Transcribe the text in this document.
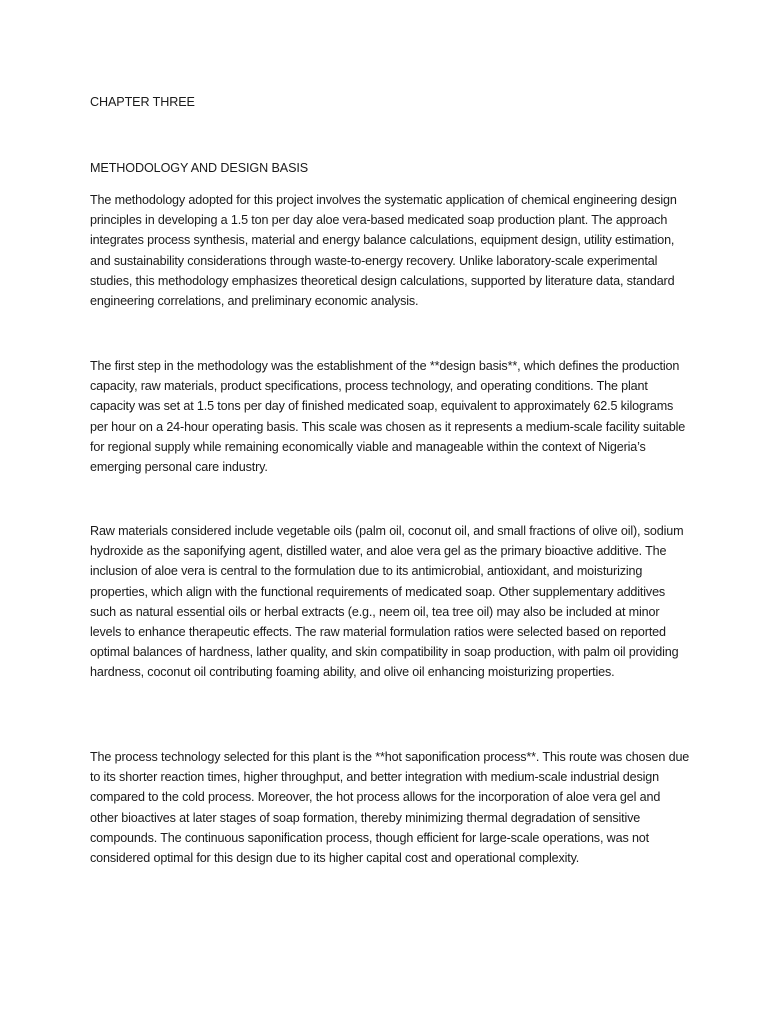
CHAPTER THREE
METHODOLOGY AND DESIGN BASIS

The methodology adopted for this project involves the systematic application of chemical engineering design principles in developing a 1.5 ton per day aloe vera-based medicated soap production plant. The approach integrates process synthesis, material and energy balance calculations, equipment design, utility estimation, and sustainability considerations through waste-to-energy recovery. Unlike laboratory-scale experimental studies, this methodology emphasizes theoretical design calculations, supported by literature data, standard engineering correlations, and preliminary economic analysis.

The first step in the methodology was the establishment of the **design basis**, which defines the production capacity, raw materials, product specifications, process technology, and operating conditions. The plant capacity was set at 1.5 tons per day of finished medicated soap, equivalent to approximately 62.5 kilograms per hour on a 24-hour operating basis. This scale was chosen as it represents a medium-scale facility suitable for regional supply while remaining economically viable and manageable within the context of Nigeria’s emerging personal care industry.

Raw materials considered include vegetable oils (palm oil, coconut oil, and small fractions of olive oil), sodium hydroxide as the saponifying agent, distilled water, and aloe vera gel as the primary bioactive additive. The inclusion of aloe vera is central to the formulation due to its antimicrobial, antioxidant, and moisturizing properties, which align with the functional requirements of medicated soap. Other supplementary additives such as natural essential oils or herbal extracts (e.g., neem oil, tea tree oil) may also be included at minor levels to enhance therapeutic effects. The raw material formulation ratios were selected based on reported optimal balances of hardness, lather quality, and skin compatibility in soap production, with palm oil providing hardness, coconut oil contributing foaming ability, and olive oil enhancing moisturizing properties.

The process technology selected for this plant is the **hot saponification process**. This route was chosen due to its shorter reaction times, higher throughput, and better integration with medium-scale industrial design compared to the cold process. Moreover, the hot process allows for the incorporation of aloe vera gel and other bioactives at later stages of soap formation, thereby minimizing thermal degradation of sensitive compounds. The continuous saponification process, though efficient for large-scale operations, was not considered optimal for this design due to its higher capital cost and operational complexity.
